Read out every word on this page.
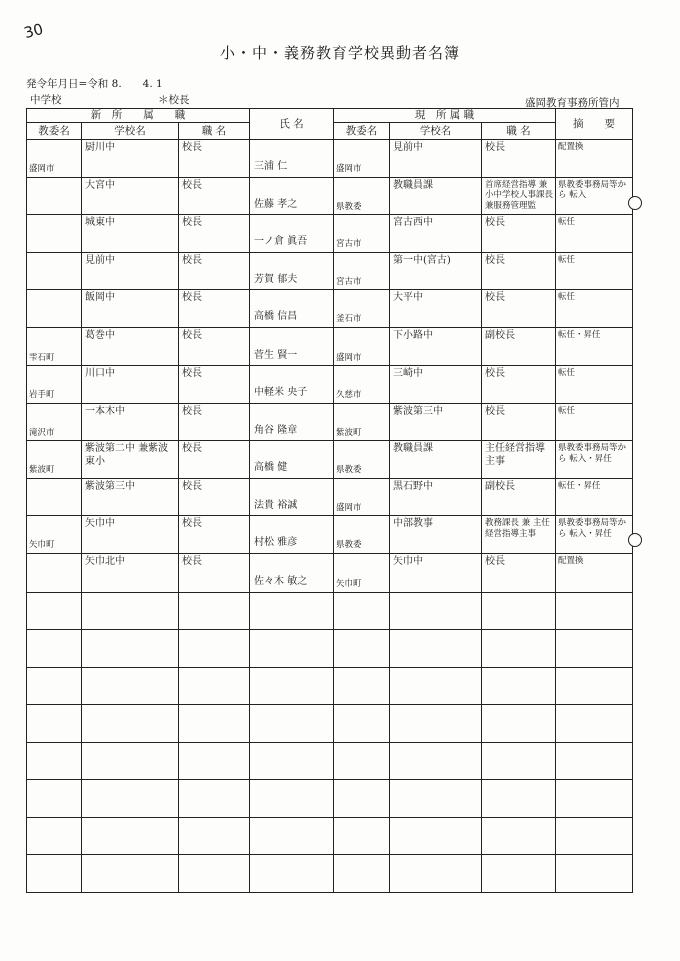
30
小・中・義務教育学校異動者名簿
発令年月日=令和 8.　　4. 1
中学校	＊校長	盛岡教育事務所管内
新　所　　属　　職			氏 名	現　所 属 職			摘　　要
教委名	学校名	職 名		教委名	学校名	職 名	

盛岡市	厨川中	校長	三浦 仁	盛岡市	見前中	校長	配置換

	大宮中	校長	佐藤 孝之	県教委	教職員課	首席経営指導 兼 小中学校人事課長 兼服務管理監	県教委事務局等から 転入

	城東中	校長	一ノ倉 眞吾	宮古市	宮古西中	校長	転任

	見前中	校長	芳賀 郁夫	宮古市	第一中(宮古)	校長	転任

	飯岡中	校長	高橋 信昌	釜石市	大平中	校長	転任

雫石町	葛巻中	校長	菅生 賢一	盛岡市	下小路中	副校長	転任・昇任

岩手町	川口中	校長	中軽米 央子	久慈市	三崎中	校長	転任

滝沢市	一本木中	校長	角谷 隆章	紫波町	紫波第三中	校長	転任

紫波町	紫波第二中 兼紫波東小	校長	高橋 健	県教委	教職員課	主任経営指導主事	県教委事務局等から 転入・昇任

	紫波第三中	校長	法貴 裕誠	盛岡市	黒石野中	副校長	転任・昇任

矢巾町	矢巾中	校長	村松 雅彦	県教委	中部教事	教務課長 兼 主任経営指導主事	県教委事務局等から 転入・昇任

	矢巾北中	校長	佐々木 敏之	矢巾町	矢巾中	校長	配置換
